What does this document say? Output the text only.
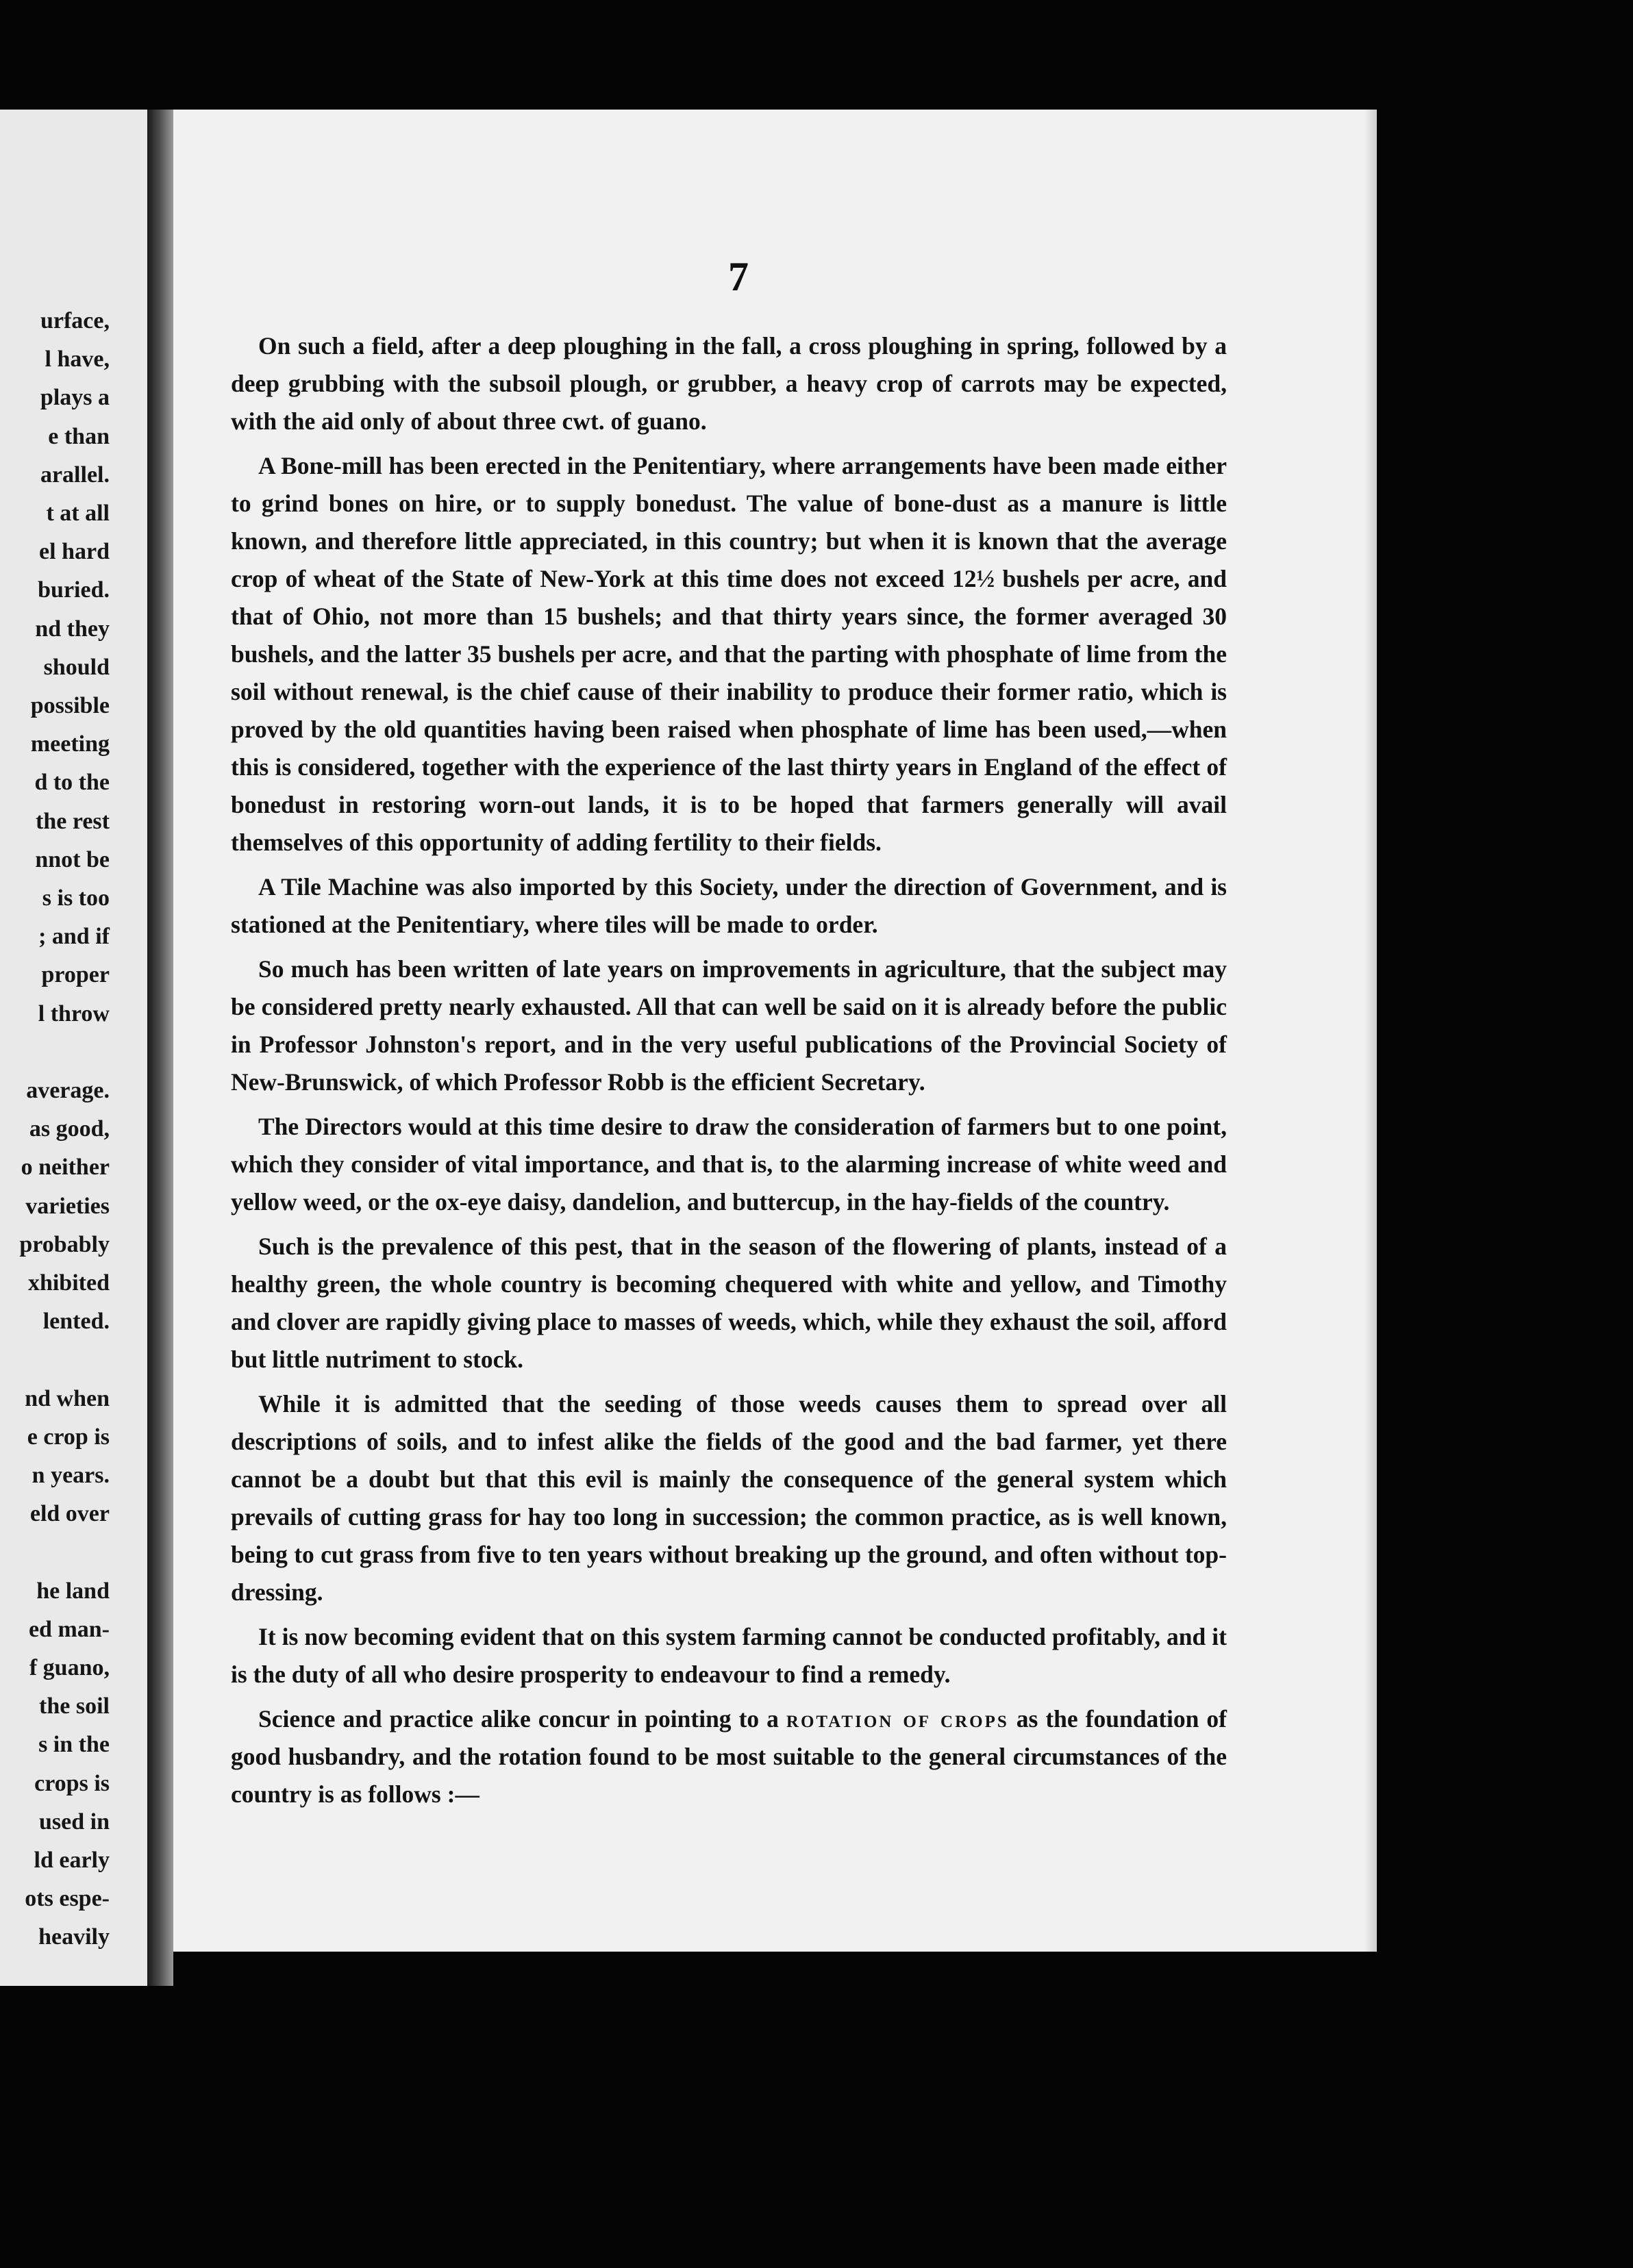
urface,

l have,

plays a

e than

arallel.

t at all

el hard

buried.

nd they

should

possible

meeting

d to the

the rest

nnot be

s is too

; and if

proper

l throw

average.

as good,

o neither

varieties

probably

xhibited

lented.

nd when

e crop is

n years.

eld over

he land

ed man-

f guano,

the soil

s in the

crops is

used in

ld early

ots espe-

heavily

7

On such a field, after a deep ploughing in the fall, a cross ploughing in spring, followed by a deep grubbing with the subsoil plough, or grubber, a heavy crop of carrots may be expected, with the aid only of about three cwt. of guano.

A Bone-mill has been erected in the Penitentiary, where arrangements have been made either to grind bones on hire, or to supply bonedust. The value of bone-dust as a manure is little known, and therefore little appreciated, in this country; but when it is known that the average crop of wheat of the State of New-York at this time does not exceed 12½ bushels per acre, and that of Ohio, not more than 15 bushels; and that thirty years since, the former averaged 30 bushels, and the latter 35 bushels per acre, and that the parting with phosphate of lime from the soil without renewal, is the chief cause of their inability to produce their former ratio, which is proved by the old quantities having been raised when phosphate of lime has been used,—when this is considered, together with the experience of the last thirty years in England of the effect of bonedust in restoring worn-out lands, it is to be hoped that farmers generally will avail themselves of this opportunity of adding fertility to their fields.

A Tile Machine was also imported by this Society, under the direction of Government, and is stationed at the Penitentiary, where tiles will be made to order.

So much has been written of late years on improvements in agriculture, that the subject may be considered pretty nearly exhausted. All that can well be said on it is already before the public in Professor Johnston's report, and in the very useful publications of the Provincial Society of New-Brunswick, of which Professor Robb is the efficient Secretary.

The Directors would at this time desire to draw the consideration of farmers but to one point, which they consider of vital importance, and that is, to the alarming increase of white weed and yellow weed, or the ox-eye daisy, dandelion, and buttercup, in the hay-fields of the country.

Such is the prevalence of this pest, that in the season of the flowering of plants, instead of a healthy green, the whole country is becoming chequered with white and yellow, and Timothy and clover are rapidly giving place to masses of weeds, which, while they exhaust the soil, afford but little nutriment to stock.

While it is admitted that the seeding of those weeds causes them to spread over all descriptions of soils, and to infest alike the fields of the good and the bad farmer, yet there cannot be a doubt but that this evil is mainly the consequence of the general system which prevails of cutting grass for hay too long in succession; the common practice, as is well known, being to cut grass from five to ten years without breaking up the ground, and often without top-dressing.

It is now becoming evident that on this system farming cannot be conducted profitably, and it is the duty of all who desire prosperity to endeavour to find a remedy.

Science and practice alike concur in pointing to a rotation of crops as the foundation of good husbandry, and the rotation found to be most suitable to the general circumstances of the country is as follows :—
